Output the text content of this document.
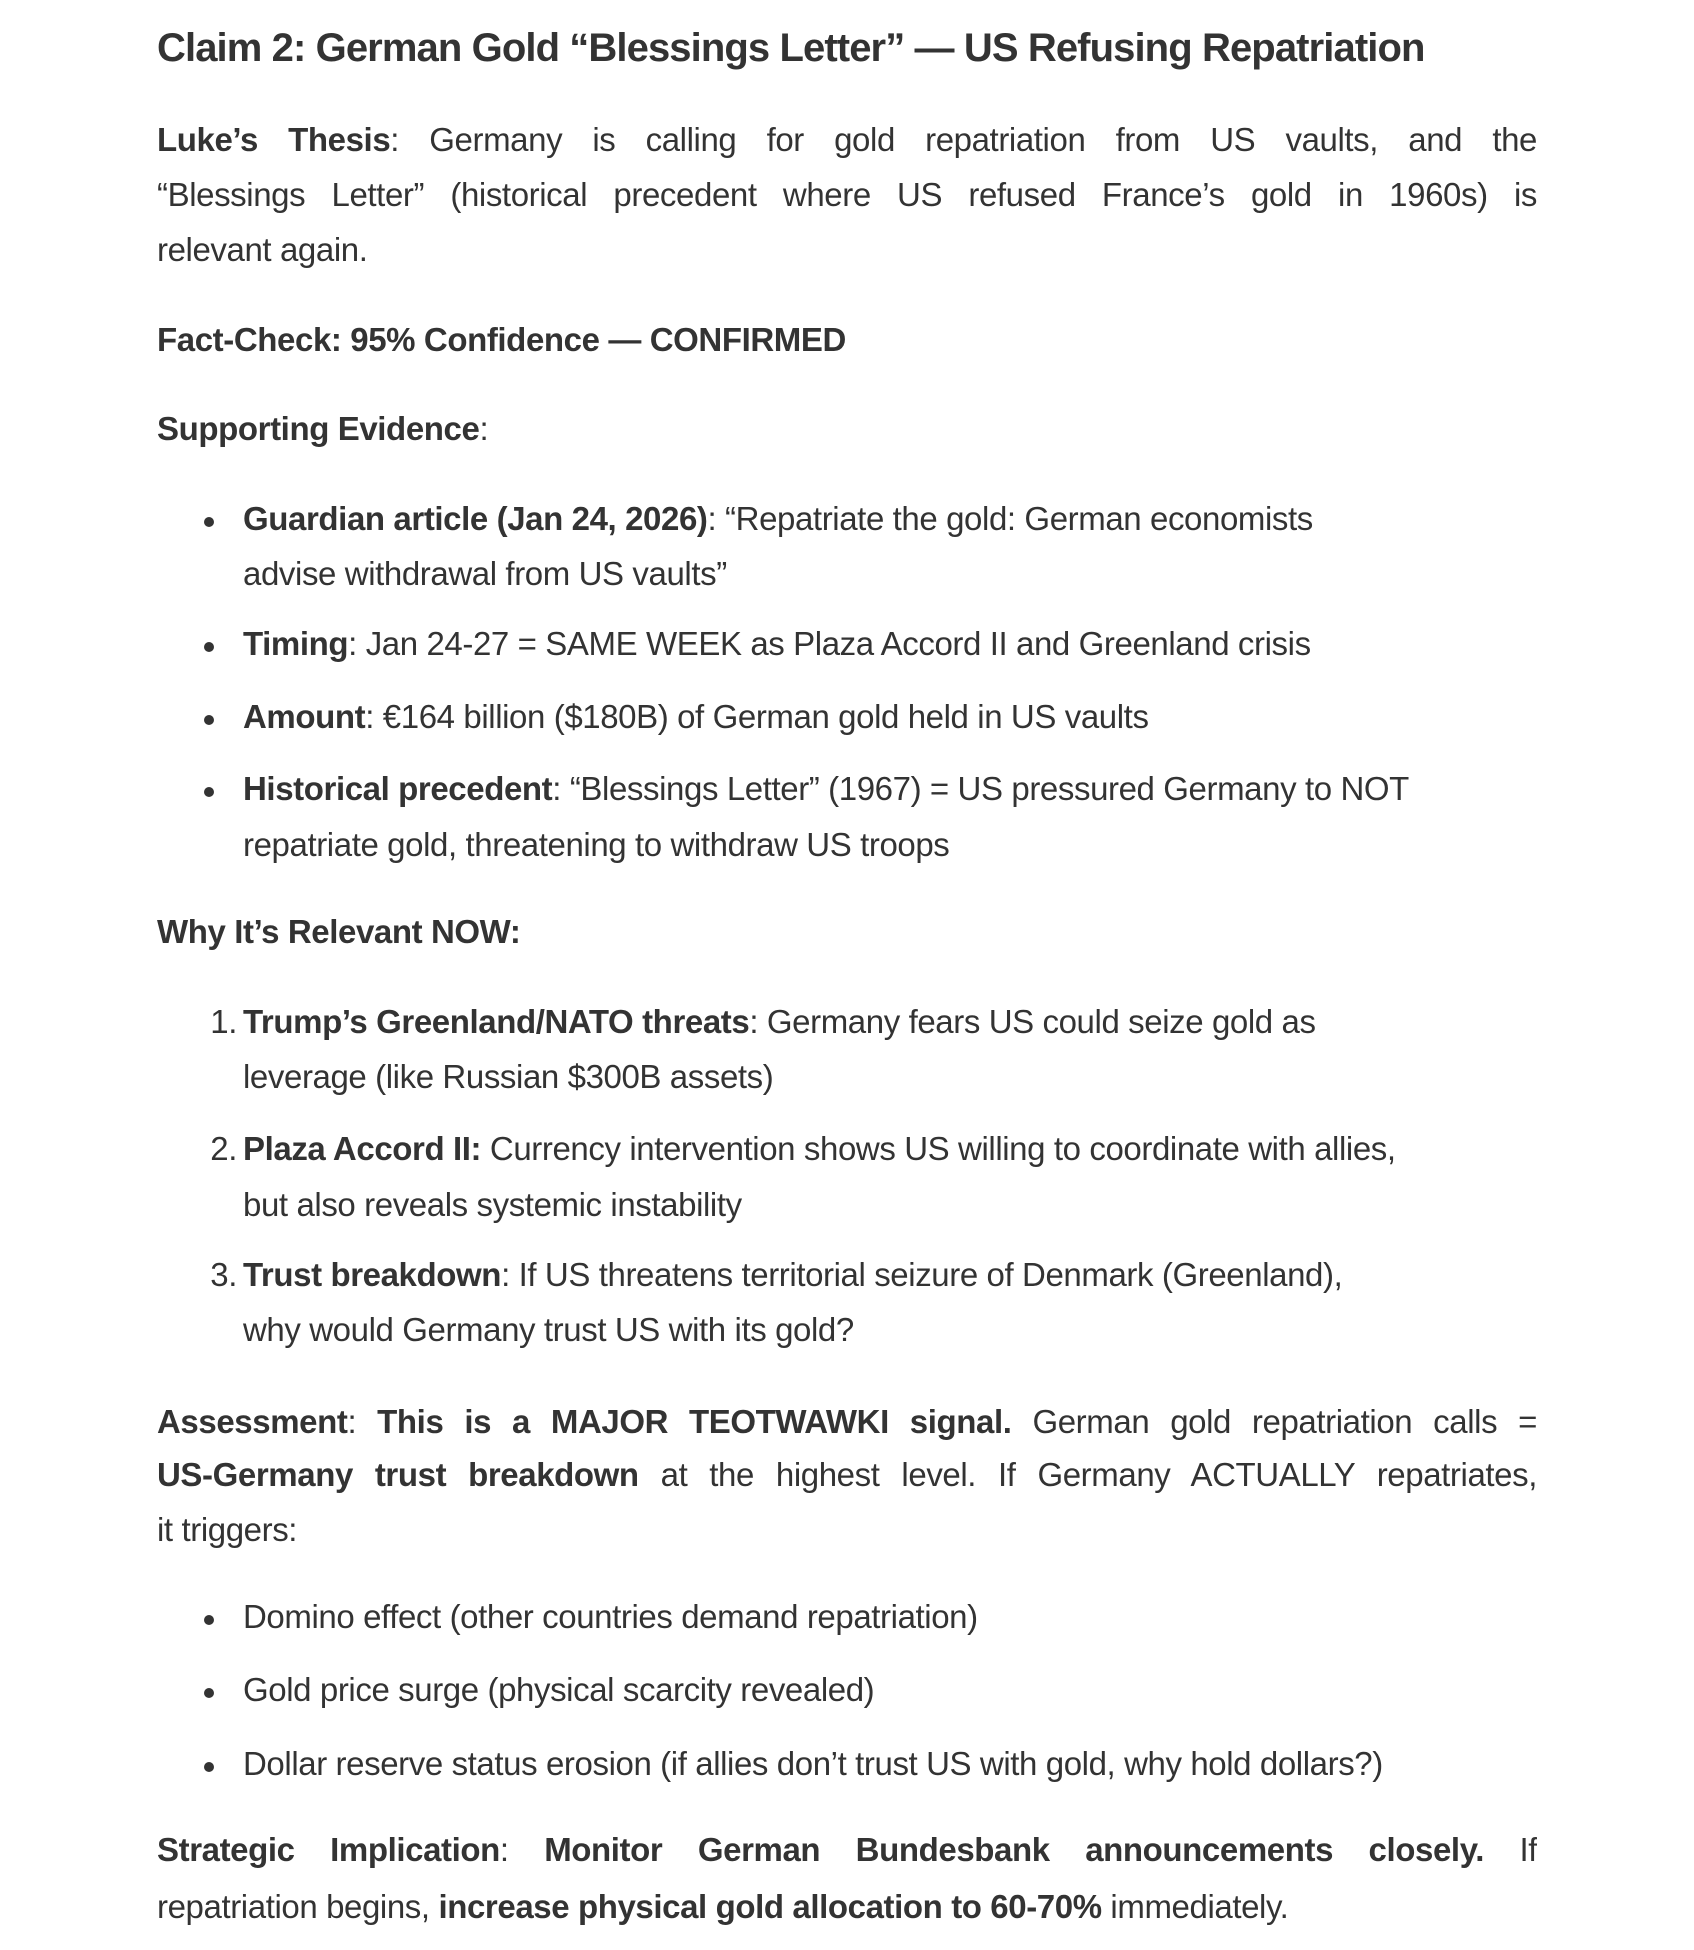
Claim 2: German Gold “Blessings Letter” — US Refusing Repatriation
Luke’s Thesis: Germany is calling for gold repatriation from US vaults, and the
“Blessings Letter” (historical precedent where US refused France’s gold in 1960s) is
relevant again.
Fact-Check: 95% Confidence — CONFIRMED
Supporting Evidence:
Guardian article (Jan 24, 2026): “Repatriate the gold: German economists
advise withdrawal from US vaults”
Timing: Jan 24-27 = SAME WEEK as Plaza Accord II and Greenland crisis
Amount: €164 billion ($180B) of German gold held in US vaults
Historical precedent: “Blessings Letter” (1967) = US pressured Germany to NOT
repatriate gold, threatening to withdraw US troops
Why It’s Relevant NOW:
1. Trump’s Greenland/NATO threats: Germany fears US could seize gold as
leverage (like Russian $300B assets)
2. Plaza Accord II: Currency intervention shows US willing to coordinate with allies,
but also reveals systemic instability
3. Trust breakdown: If US threatens territorial seizure of Denmark (Greenland),
why would Germany trust US with its gold?
Assessment: This is a MAJOR TEOTWAWKI signal. German gold repatriation calls =
US-Germany trust breakdown at the highest level. If Germany ACTUALLY repatriates,
it triggers:
Domino effect (other countries demand repatriation)
Gold price surge (physical scarcity revealed)
Dollar reserve status erosion (if allies don’t trust US with gold, why hold dollars?)
Strategic Implication: Monitor German Bundesbank announcements closely. If
repatriation begins, increase physical gold allocation to 60-70% immediately.
